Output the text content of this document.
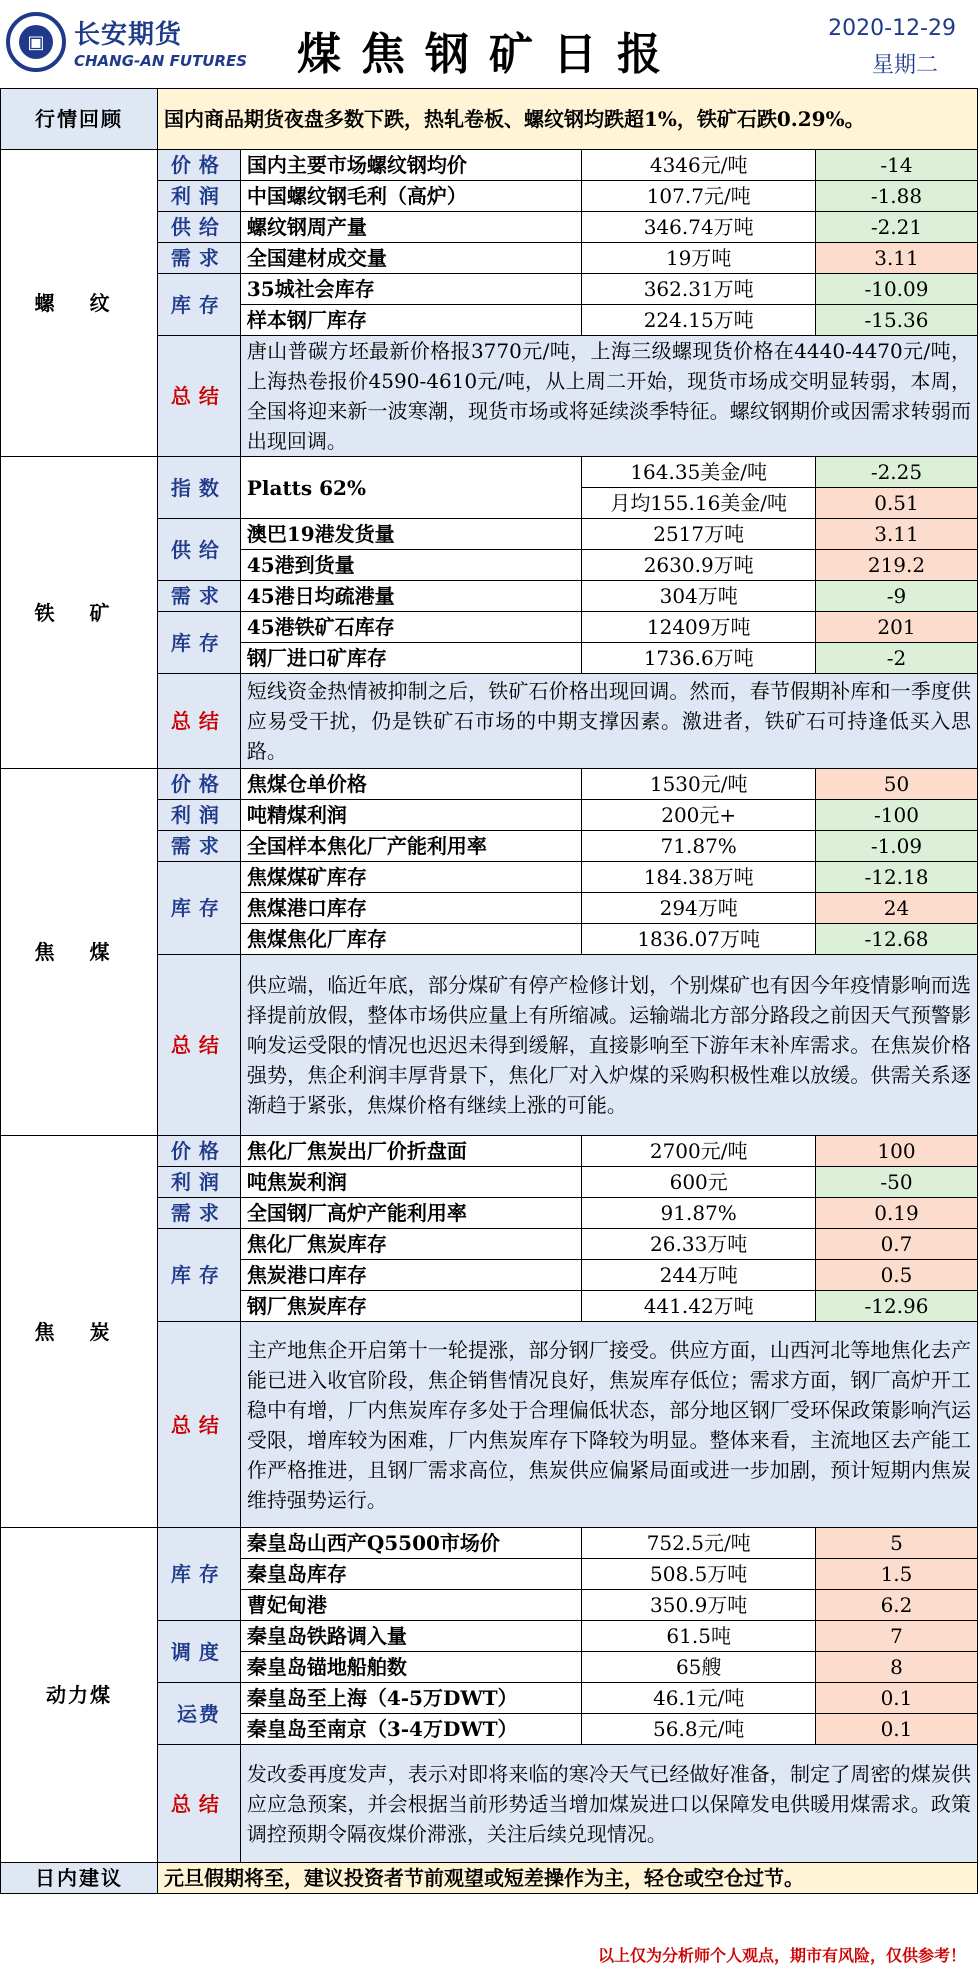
▣	长安期货
CHANG-AN FUTURES	煤焦钢矿日报
2020-12-29
星期二
行情回顾	国内商品期货夜盘多数下跌，热轧卷板、螺纹钢均跌超1%，铁矿石跌0.29%。			
螺 纹	价格	国内主要市场螺纹钢均价	4346元/吨	-14
	利润	中国螺纹钢毛利（高炉）	107.7元/吨	-1.88
	供给	螺纹钢周产量	346.74万吨	-2.21
	需求	全国建材成交量	19万吨	3.11
	库存	35城社会库存	362.31万吨	-10.09
		样本钢厂库存	224.15万吨	-15.36
	总结	唐山普碳方坯最新价格报3770元/吨，上海三级螺现货价格在4440-4470元/吨，上海热卷报价4590-4610元/吨，从上周二开始，现货市场成交明显转弱，本周，全国将迎来新一波寒潮，现货市场或将延续淡季特征。螺纹钢期价或因需求转弱而出现回调。		
铁 矿	指数	Platts 62%	164.35美金/吨	-2.25
			月均155.16美金/吨	0.51
	供给	澳巴19港发货量	2517万吨	3.11
		45港到货量	2630.9万吨	219.2
	需求	45港日均疏港量	304万吨	-9
	库存	45港铁矿石库存	12409万吨	201
		钢厂进口矿库存	1736.6万吨	-2
	总结	短线资金热情被抑制之后，铁矿石价格出现回调。然而，春节假期补库和一季度供应易受干扰，仍是铁矿石市场的中期支撑因素。激进者，铁矿石可持逢低买入思路。		
焦 煤	价格	焦煤仓单价格	1530元/吨	50
	利润	吨精煤利润	200元+	-100
	需求	全国样本焦化厂产能利用率	71.87%	-1.09
	库存	焦煤煤矿库存	184.38万吨	-12.18
		焦煤港口库存	294万吨	24
		焦煤焦化厂库存	1836.07万吨	-12.68
	总结	供应端，临近年底，部分煤矿有停产检修计划，个别煤矿也有因今年疫情影响而选择提前放假，整体市场供应量上有所缩减。运输端北方部分路段之前因天气预警影响发运受限的情况也迟迟未得到缓解，直接影响至下游年末补库需求。在焦炭价格强势，焦企利润丰厚背景下，焦化厂对入炉煤的采购积极性难以放缓。供需关系逐渐趋于紧张，焦煤价格有继续上涨的可能。		
焦 炭	价格	焦化厂焦炭出厂价折盘面	2700元/吨	100
	利润	吨焦炭利润	600元	-50
	需求	全国钢厂高炉产能利用率	91.87%	0.19
	库存	焦化厂焦炭库存	26.33万吨	0.7
		焦炭港口库存	244万吨	0.5
		钢厂焦炭库存	441.42万吨	-12.96
	总结	主产地焦企开启第十一轮提涨，部分钢厂接受。供应方面，山西河北等地焦化去产能已进入收官阶段，焦企销售情况良好，焦炭库存低位；需求方面，钢厂高炉开工稳中有增，厂内焦炭库存多处于合理偏低状态，部分地区钢厂受环保政策影响汽运受限，增库较为困难，厂内焦炭库存下降较为明显。整体来看，主流地区去产能工作严格推进，且钢厂需求高位，焦炭供应偏紧局面或进一步加剧，预计短期内焦炭维持强势运行。		
动力煤	库存	秦皇岛山西产Q5500市场价	752.5元/吨	5
		秦皇岛库存	508.5万吨	1.5
		曹妃甸港	350.9万吨	6.2
	调度	秦皇岛铁路调入量	61.5吨	7
		秦皇岛锚地船舶数	65艘	8
	运费	秦皇岛至上海（4-5万DWT）	46.1元/吨	0.1
		秦皇岛至南京（3-4万DWT）	56.8元/吨	0.1
	总结	发改委再度发声，表示对即将来临的寒冷天气已经做好准备，制定了周密的煤炭供应应急预案，并会根据当前形势适当增加煤炭进口以保障发电供暖用煤需求。政策调控预期令隔夜煤价滞涨，关注后续兑现情况。		
日内建议	元旦假期将至，建议投资者节前观望或短差操作为主，轻仓或空仓过节。			
以上仅为分析师个人观点，期市有风险，仅供参考！
